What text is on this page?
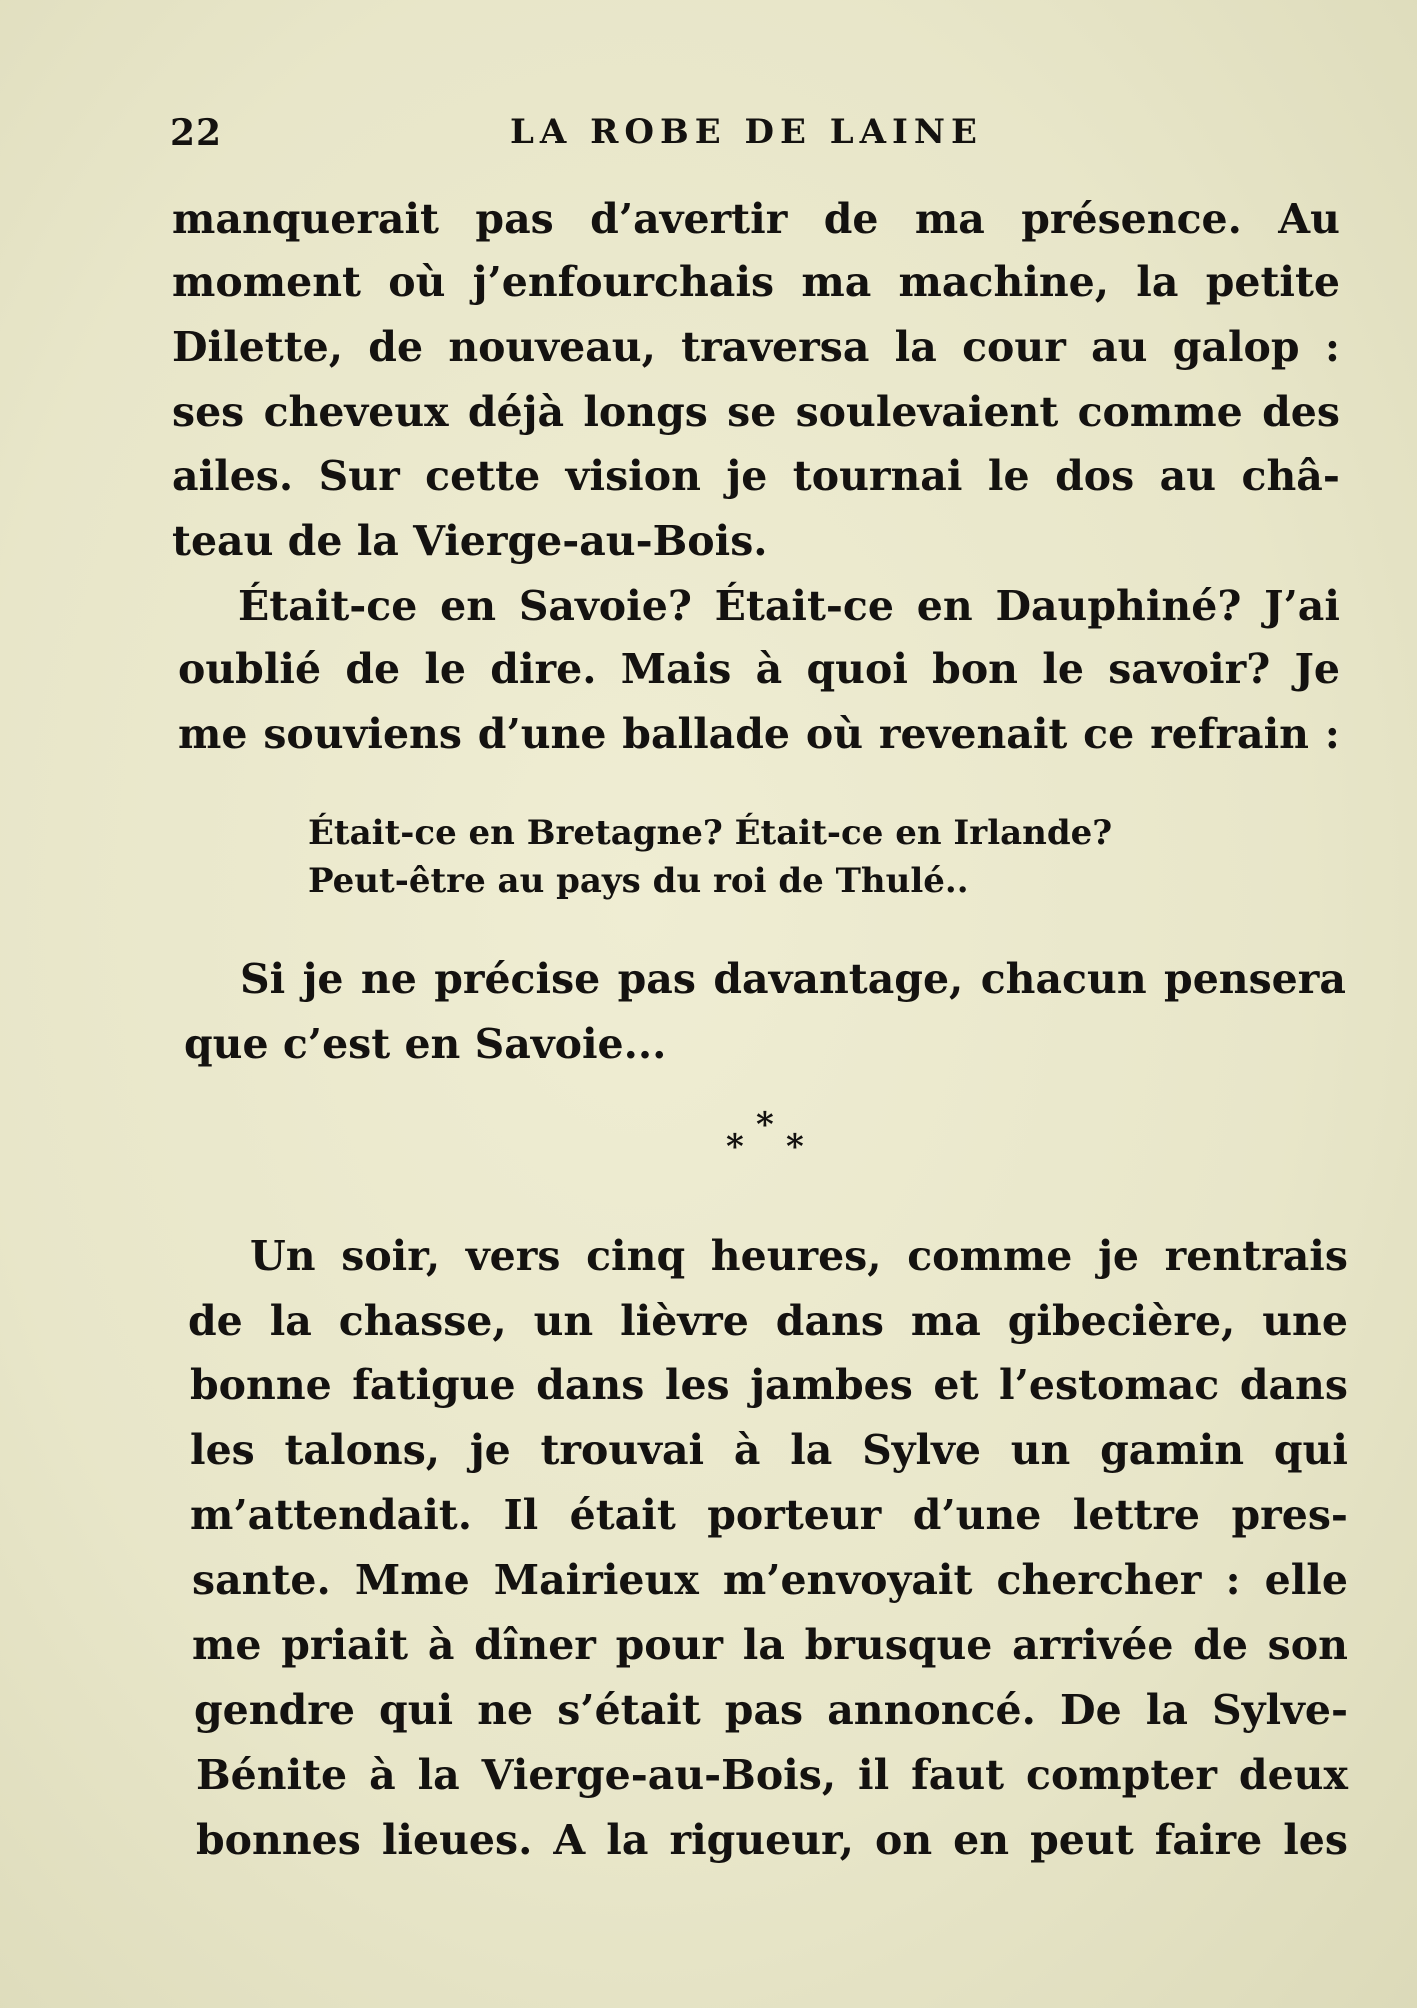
22	LA ROBE DE LAINE
manquerait pas d’avertir de ma présence. Au
moment où j’enfourchais ma machine, la petite
Dilette, de nouveau, traversa la cour au galop :
ses cheveux déjà longs se soulevaient comme des
ailes. Sur cette vision je tournai le dos au châ-
teau de la Vierge-au-Bois.
Était-ce en Savoie? Était-ce en Dauphiné? J’ai
oublié de le dire. Mais à quoi bon le savoir? Je
me souviens d’une ballade où revenait ce refrain :
Était-ce en Bretagne? Était-ce en Irlande?
Peut-être au pays du roi de Thulé..
Si je ne précise pas davantage, chacun pensera
que c’est en Savoie...
*
* *
Un soir, vers cinq heures, comme je rentrais
de la chasse, un lièvre dans ma gibecière, une
bonne fatigue dans les jambes et l’estomac dans
les talons, je trouvai à la Sylve un gamin qui
m’attendait. Il était porteur d’une lettre pres-
sante. Mme Mairieux m’envoyait chercher : elle
me priait à dîner pour la brusque arrivée de son
gendre qui ne s’était pas annoncé. De la Sylve-
Bénite à la Vierge-au-Bois, il faut compter deux
bonnes lieues. A la rigueur, on en peut faire les
